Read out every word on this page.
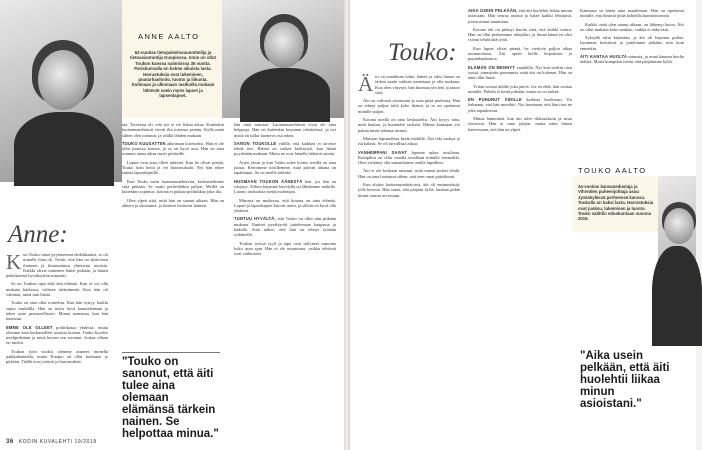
ANNE AALTO
62-vuotias tietopalvelusuunnittelija ja tietoasiantuntija Kuopiossa. Anne on ollut Toukon kanssa naimisissa 35 vuotta. Pariskunnalla on kolme aikuista lasta. Harrastuksia ovat lukeminen, puutarhanhoito, luonto ja liikunta. Kotimaan ja ulkomaan matkoilla mukaan lähtevät usein myös lapset ja lapsenlapset.
Anne:

Kun Touko sanoi pyytäneensä ehdokkaaksi, se oli minulle ihan ok. Tiesin, että hän on aktiivinen ihminen ja kiinnostunut yhteisistä asioista. Kaikki olivat tunteneet hänet pitkään, ja hänen päätöksensä hyväksyttiin nopeasti.

Se on Toukon tapa elää tätä elämää. Kun ei voi olla mukana kaikessa, valitsee tärkeimmät. Kun hän oli valinnut, minä tuin häntä.

Touko on aina ollut toimelias. Kun hän syttyy, kaikki sujuu vauhdilla. Hän on myös hyvä kuuntelemaan ja tekee asiat perusteellisesti. Minua naurattaa, kun hän innostuu.

EMME OLE OLLEET politiikassa yhdessä, mutta olemme aina keskustelleet asioista kotona. Touko kyselee mielipidettäni ja minä kerron sen suoraan. Joskus ollaan eri mieltä.

Toukon työn vuoksi olemme asuneet monella paikkakunnalla, mutta Kuopio on ollut kotimme jo pitkään. Täällä ovat ystävät ja harrastukset.

taa. Toiveissa oli, että työ ei vie liikaa aikaa. Kuitenkin luottamustehtävät vievät ilta toisensa perään. Kyllä minä siihen olen tottunut, ja välillä lähden mukaan.

TOUKO KUUSATTIIN aikoinaan kiireiseksi. Hän ei ole ollut jumissa kotona, ja se on hyvä asia. Hän on aina osannut antaa aikaa myös perheelle.

Lapset ovat aina olleet tärkeitä. Kun he olivat pieniä, Touko hoiti heitä ja vei harrastuksiin. Nyt hän tekee samaa lapsenlapsille.

Kun Touko meni luottamustehtäviin, keskustelimme siitä pitkään. Se vaatii perheeltäkin paljon. Meillä on kuitenkin sopimus: kotona ei puhuta politiikkaa joka ilta.

Olen ylpeä siitä, mitä hän on saanut aikaan. Hän on ahkera ja sitoutunut, ja ihmiset luottavat häneen.

"Touko on sanonut, että äiti tulee aina olemaan elämänsä tärkein nainen. Se helpottaa minua."

hän niitä muistaa. Luottamustehtävät eivät ole aina helppoja. Hän on kuitenkin kasvanut tehtäviinsä, ja nyt niistä on tullut luonteva osa arkea.

SANON TOUKOLLE välillä, että kaikkea ei tarvitse tehdä itse. Hänen on vaikea kieltäytyä, kun häntä pyydetään mukaan. Mutta ne ovat hänelle tärkeitä asioita.

Arjen yksin ja kun Touko tulee kotiin, meillä on aina juttua. Kerromme toisillemme, mitä päivän aikana on tapahtunut. Se on meille tärkeää.

HUOMAAN TOUKON ÄÄNESTÄ heti, jos hän on väsynyt. Silloin käymme kävelyllä tai lähdemme mökille. Luonto rauhoittaa meitä molempia.

Minusta on mukavaa, että kotona on aina elämää. Lapset ja lapsenlapset käyvät usein, ja silloin on hyvä olla yhdessä.

TUNTUU HYVÄLTÄ, että Touko on ollut niin pitkään mukana. Ihmiset pysähtyvät juttelemaan kaupassa ja kadulla. Siitä näkee, että hän on tehnyt työtään sydämellä.

Toukon työssä tyyli ja tapa ovat säilyneet samoina koko uran ajan. Hän ei ole muuttunut, vaikka tehtävät ovat vaihtuneet.

36 KODIN KUVALEHTI 19/2018
Touko:

Äiti on maailman lohtu, hänen ja siksi hänen on tärkeä saada vaihtaa tunteitaan ja olla mukana. Kun olen väsynyt, hän huomaa sen heti ja sanoo siitä.

Äiti on vahvasti sitoutunut ja osaa pitää puolensa. Hän on tehnyt paljon töitä koko ikänsä, ja se on opettanut minulle paljon.

Kotona meillä on aina keskusteltu. Äiti kysyy aina, mitä kuuluu, ja kuuntelee tarkasti. Hänen kanssaan voi puhua mistä tahansa asiasta.

Muistan lapsuudesta kesät mökillä. Äiti teki ruokaa ja isä kalasti. Se oli turvallista aikaa.

VANHEMPANI SAIVAT lapsena tukea toisiltaan. Kumpikin on ollut omalla tavallaan minulle esimerkki. Olen yrittänyt olla samanlainen omille lapsilleni.

Äiti ei ole koskaan sanonut, mitä minun pitäisi tehdä. Hän on aina luottanut siihen, että teen omat päätökseni.

Kun aloitin luottamustehtävissä, äiti oli ensimmäisiä, jolle kerroin. Hän sanoi, että pärjään kyllä, kunhan pidän kiinni omista arvoistani.

AIKA USEIN PELKÄÄN, että äiti huolehtii liikaa minun asioistani. Hän seuraa uutisia ja lukee kaikki lehtijutut, joissa minut mainitaan.

Kotona äiti on pitänyt huolta siitä, että kaikki toimii. Hän on ollut perheemme tukipilari, ja ilman häntä en olisi voinut tehdä tätä työtä.

Kun lapset olivat pieniä, he viettivät paljon aikaa mummolassa. Äiti opetti heille leipomista ja puutarhanhoitoa.

ELÄMÄN ON MENNYT vauhdilla. Nyt kun itsekin olen isoisä, ymmärrän paremmin, mitä äiti on kokenut. Hän on aina ollut läsnä.

Yritän soittaa äidille joka päivä. Jos en ehdi, hän soittaa minulle. Puhelu ei kestä pitkään, mutta se on tärkeä.

EN PUHUNUT ÄIDILLE kaikista huolistani. En halunnut, että hän murehtii. Nyt huomaan, että hän tiesi ne joka tapauksessa.

Minua lämmittää, kun äiti tulee tilaisuuksiin ja istuu yleisössä. Hän ei sano paljon, mutta näen hänen katseestaan, että hän on ylpeä.

Kannusta sä häntä aina maailmaan. Hän on opettanut minulle, että ihmisiä pitää kohdella kunnioittavasti.

Kaikki, mitä olen saanut aikaan, on lähtenyt kotoa. Äiti on ollut mukana koko matkan, vaikka ei näkyvästi.

Syksyllä tulin käymään, ja äiti oli leiponut pullaa. Istuimme keittiössä ja juttelimme pitkään, niin kuin ennenkin.

ÄITI KANTAA HUOLTA minusta, ja minä kannan huolta äidistä. Mutta kumpikin tietää, että pärjäämme kyllä.

"Aika usein pelkään, että äiti huolehtii liikaa minun asioistani."
34-vuotias kansanedustaja ja Vihreiden puheenjohtaja asuu Jyväskylässä perheensä kanssa. Toukolla on kaksi lasta. Harrastuksia ovat juoksu, lukeminen ja luonto. Touko valittiin eduskuntaan vuonna 2015.
TOUKO AALTO
